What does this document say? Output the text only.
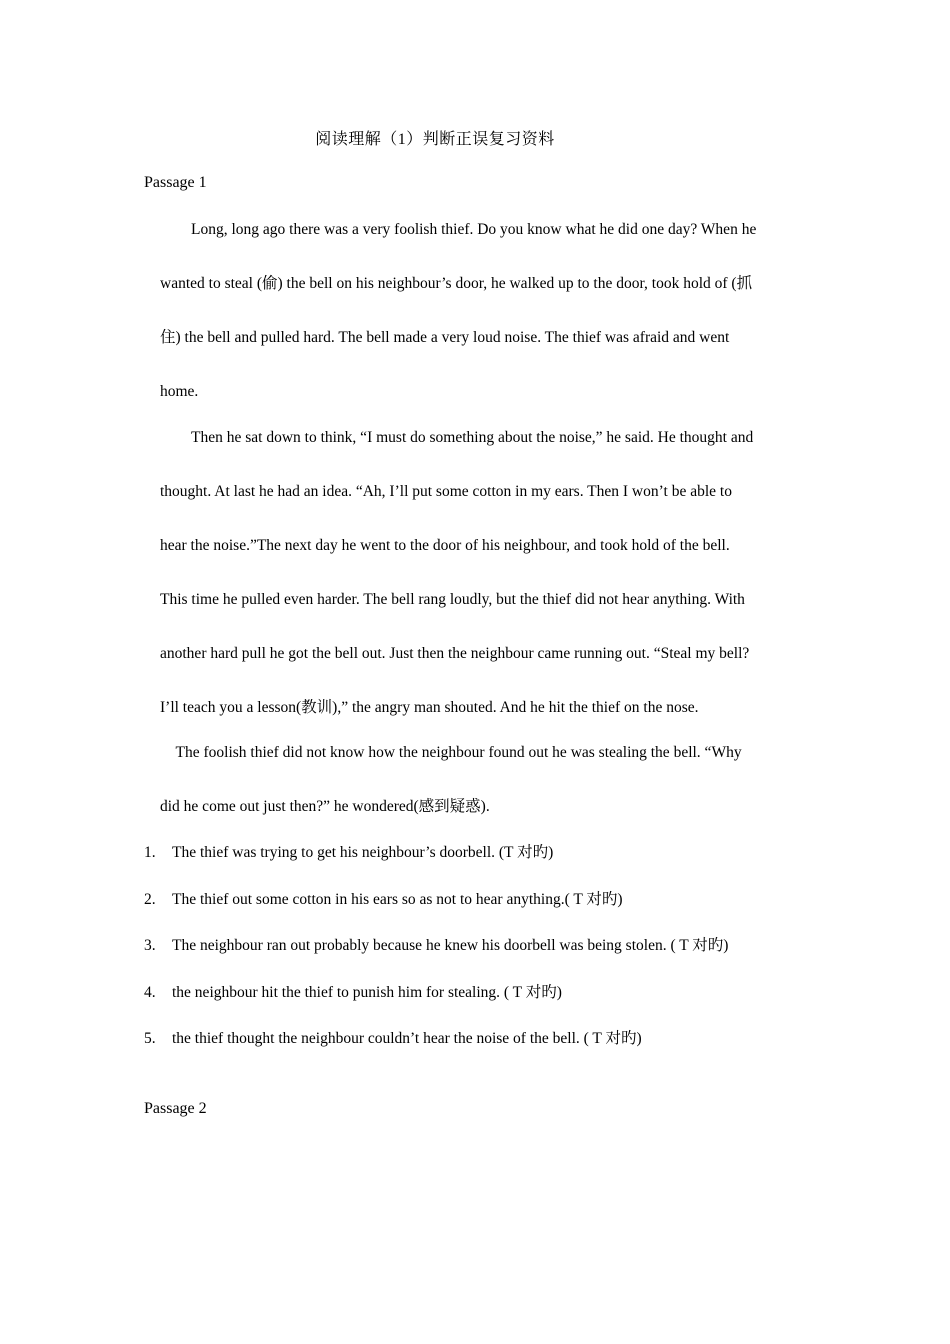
阅读理解（1）判断正误复习资料
Passage 1
　　Long, long ago there was a very foolish thief. Do you know what he did one day? When he
wanted to steal (偷) the bell on his neighbour’s door, he walked up to the door, took hold of (抓
住) the bell and pulled hard. The bell made a very loud noise. The thief was afraid and went
home.
　　Then he sat down to think, “I must do something about the noise,” he said. He thought and
thought. At last he had an idea. “Ah, I’ll put some cotton in my ears. Then I won’t be able to
hear the noise.”The next day he went to the door of his neighbour, and took hold of the bell.
This time he pulled even harder. The bell rang loudly, but the thief did not hear anything. With
another hard pull he got the bell out. Just then the neighbour came running out. “Steal my bell?
I’ll teach you a lesson(教训),” the angry man shouted. And he hit the thief on the nose.
　The foolish thief did not know how the neighbour found out he was stealing the bell. “Why
did he come out just then?” he wondered(感到疑惑).
1. The thief was trying to get his neighbour’s doorbell. (T 对旳)
2. The thief out some cotton in his ears so as not to hear anything.( T 对旳)
3. The neighbour ran out probably because he knew his doorbell was being stolen. ( T 对旳)
4. the neighbour hit the thief to punish him for stealing. ( T 对旳)
5. the thief thought the neighbour couldn’t hear the noise of the bell. ( T 对旳)
Passage 2
